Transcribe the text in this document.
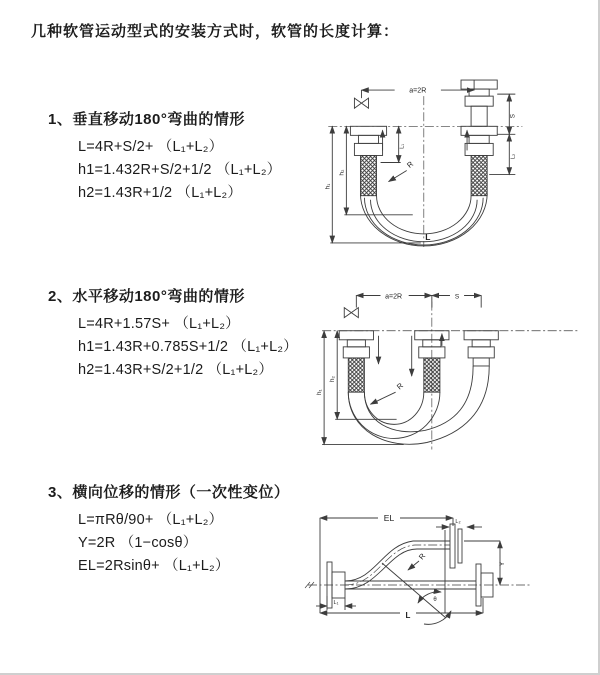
几种软管运动型式的安装方式时，软管的长度计算：
1、垂直移动180°弯曲的情形
L=4R+S/2+ （L₁+L₂）
h1=1.432R+S/2+1/2 （L₁+L₂）
h2=1.43R+1/2 （L₁+L₂）
2、水平移动180°弯曲的情形
L=4R+1.57S+ （L₁+L₂）
h1=1.43R+0.785S+1/2 （L₁+L₂）
h2=1.43R+S/2+1/2 （L₁+L₂）
3、横向位移的情形（一次性变位）
L=πRθ/90+ （L₁+L₂）
Y=2R （1−cosθ）
EL=2Rsinθ+ （L₁+L₂）
a=2R
h₁
h₂
L₁
S
L₂
R
L
a=2R	S
h₁
h₂
R
EL	L₂
Y
R
θ
L
L₁
